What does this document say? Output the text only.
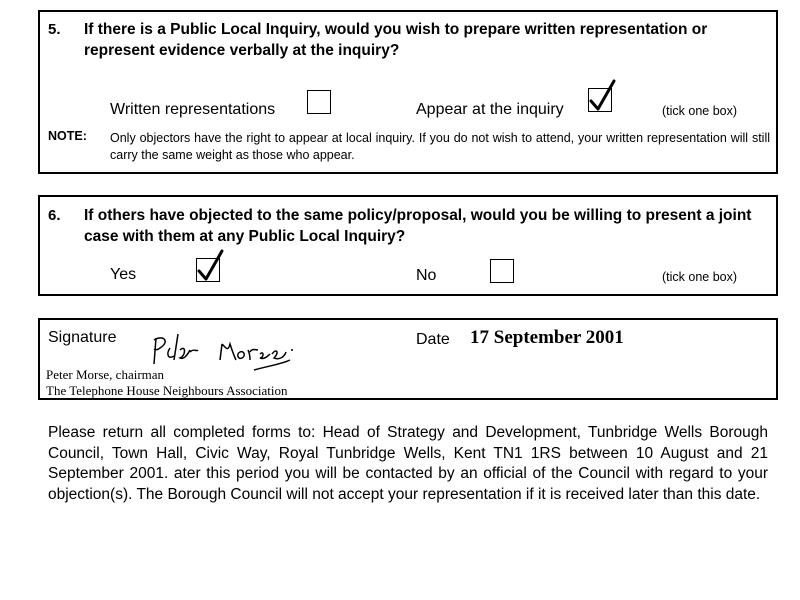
5. If there is a Public Local Inquiry, would you wish to prepare written representation or represent evidence verbally at the inquiry?
Written representations	Appear at the inquiry	(tick one box)
NOTE: Only objectors have the right to appear at local inquiry. If you do not wish to attend, your written representation will still carry the same weight as those who appear.
6. If others have objected to the same policy/proposal, would you be willing to present a joint case with them at any Public Local Inquiry?
Yes	No	(tick one box)
Signature
Peter Morse, chairman
The Telephone House Neighbours Association
Date 17 September 2001
Please return all completed forms to: Head of Strategy and Development, Tunbridge Wells Borough Council, Town Hall, Civic Way, Royal Tunbridge Wells, Kent TN1 1RS between 10 August and 21 September 2001. ater this period you will be contacted by an official of the Council with regard to your objection(s). The Borough Council will not accept your representation if it is received later than this date.
